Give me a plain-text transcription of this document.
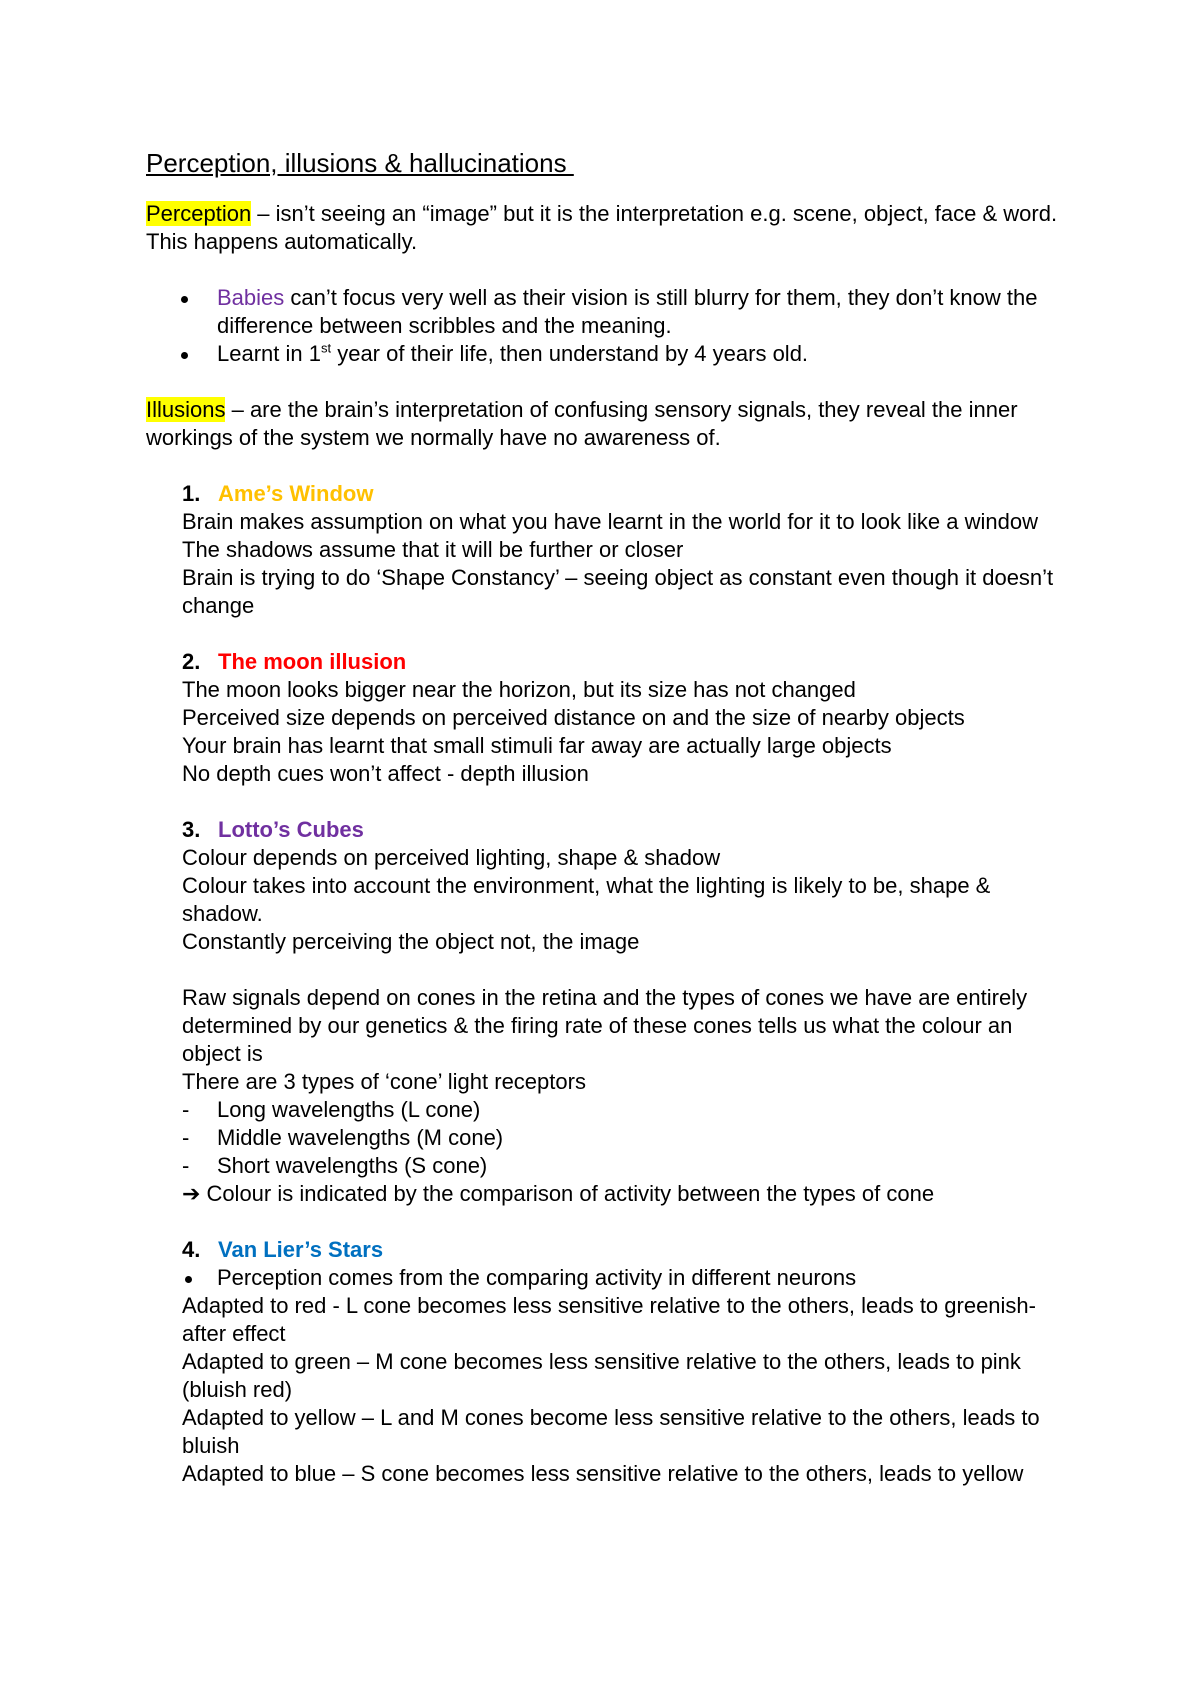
Perception, illusions & hallucinations

Perception – isn’t seeing an “image” but it is the interpretation e.g. scene, object, face & word. This happens automatically.

Babies can’t focus very well as their vision is still blurry for them, they don’t know the difference between scribbles and the meaning.
Learnt in 1st year of their life, then understand by 4 years old.

Illusions – are the brain’s interpretation of confusing sensory signals, they reveal the inner workings of the system we normally have no awareness of.

1. Ame’s Window

Brain makes assumption on what you have learnt in the world for it to look like a window

The shadows assume that it will be further or closer

Brain is trying to do ‘Shape Constancy’ – seeing object as constant even though it doesn’t change

2. The moon illusion

The moon looks bigger near the horizon, but its size has not changed

Perceived size depends on perceived distance on and the size of nearby objects

Your brain has learnt that small stimuli far away are actually large objects

No depth cues won’t affect - depth illusion

3. Lotto’s Cubes

Colour depends on perceived lighting, shape & shadow

Colour takes into account the environment, what the lighting is likely to be, shape & shadow.

Constantly perceiving the object not, the image

Raw signals depend on cones in the retina and the types of cones we have are entirely determined by our genetics & the firing rate of these cones tells us what the colour an object is

There are 3 types of ‘cone’ light receptors

- Long wavelengths (L cone)
- Middle wavelengths (M cone)
- Short wavelengths (S cone)

➔ Colour is indicated by the comparison of activity between the types of cone

4. Van Lier’s Stars
Perception comes from the comparing activity in different neurons

Adapted to red - L cone becomes less sensitive relative to the others, leads to greenish-after effect

Adapted to green – M cone becomes less sensitive relative to the others, leads to pink (bluish red)

Adapted to yellow – L and M cones become less sensitive relative to the others, leads to bluish

Adapted to blue – S cone becomes less sensitive relative to the others, leads to yellow
